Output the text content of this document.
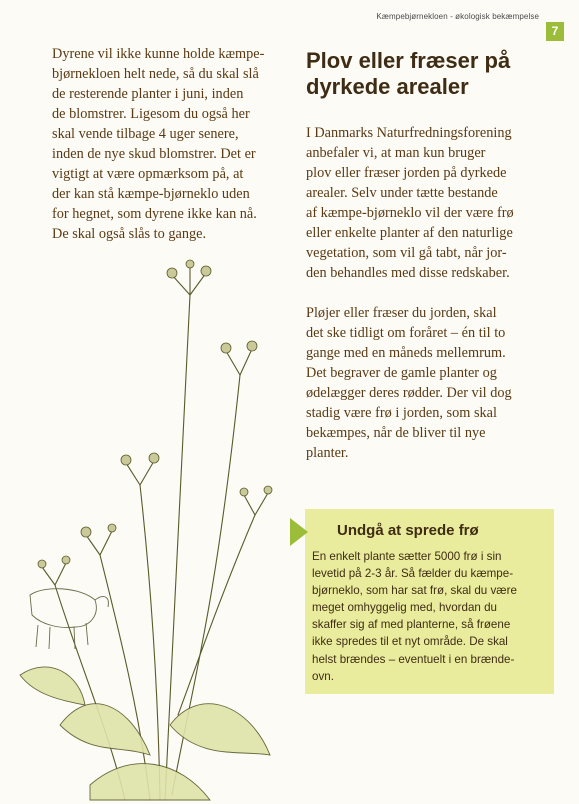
Kæmpebjørnekloen - økologisk bekæmpelse
7
Dyrene vil ikke kunne holde kæmpe-
bjørnekloen helt nede, så du skal slå
de resterende planter i juni, inden
de blomstrer. Ligesom du også her
skal vende tilbage 4 uger senere,
inden de nye skud blomstrer. Det er
vigtigt at være opmærksom på, at
der kan stå kæmpe-bjørneklo uden
for hegnet, som dyrene ikke kan nå.
De skal også slås to gange.
Plov eller fræser på
dyrkede arealer
I Danmarks Naturfredningsforening
anbefaler vi, at man kun bruger
plov eller fræser jorden på dyrkede
arealer. Selv under tætte bestande
af kæmpe-bjørneklo vil der være frø
eller enkelte planter af den naturlige
vegetation, som vil gå tabt, når jor-
den behandles med disse redskaber.
Pløjer eller fræser du jorden, skal
det ske tidligt om foråret – én til to
gange med en måneds mellemrum.
Det begraver de gamle planter og
ødelægger deres rødder. Der vil dog
stadig være frø i jorden, som skal
bekæmpes, når de bliver til nye
planter.
Undgå at sprede frø
En enkelt plante sætter 5000 frø i sin
levetid på 2-3 år. Så fælder du kæmpe-
bjørneklo, som har sat frø, skal du være
meget omhyggelig med, hvordan du
skaffer sig af med planterne, så frøene
ikke spredes til et nyt område. De skal
helst brændes – eventuelt i en brænde-
ovn.
